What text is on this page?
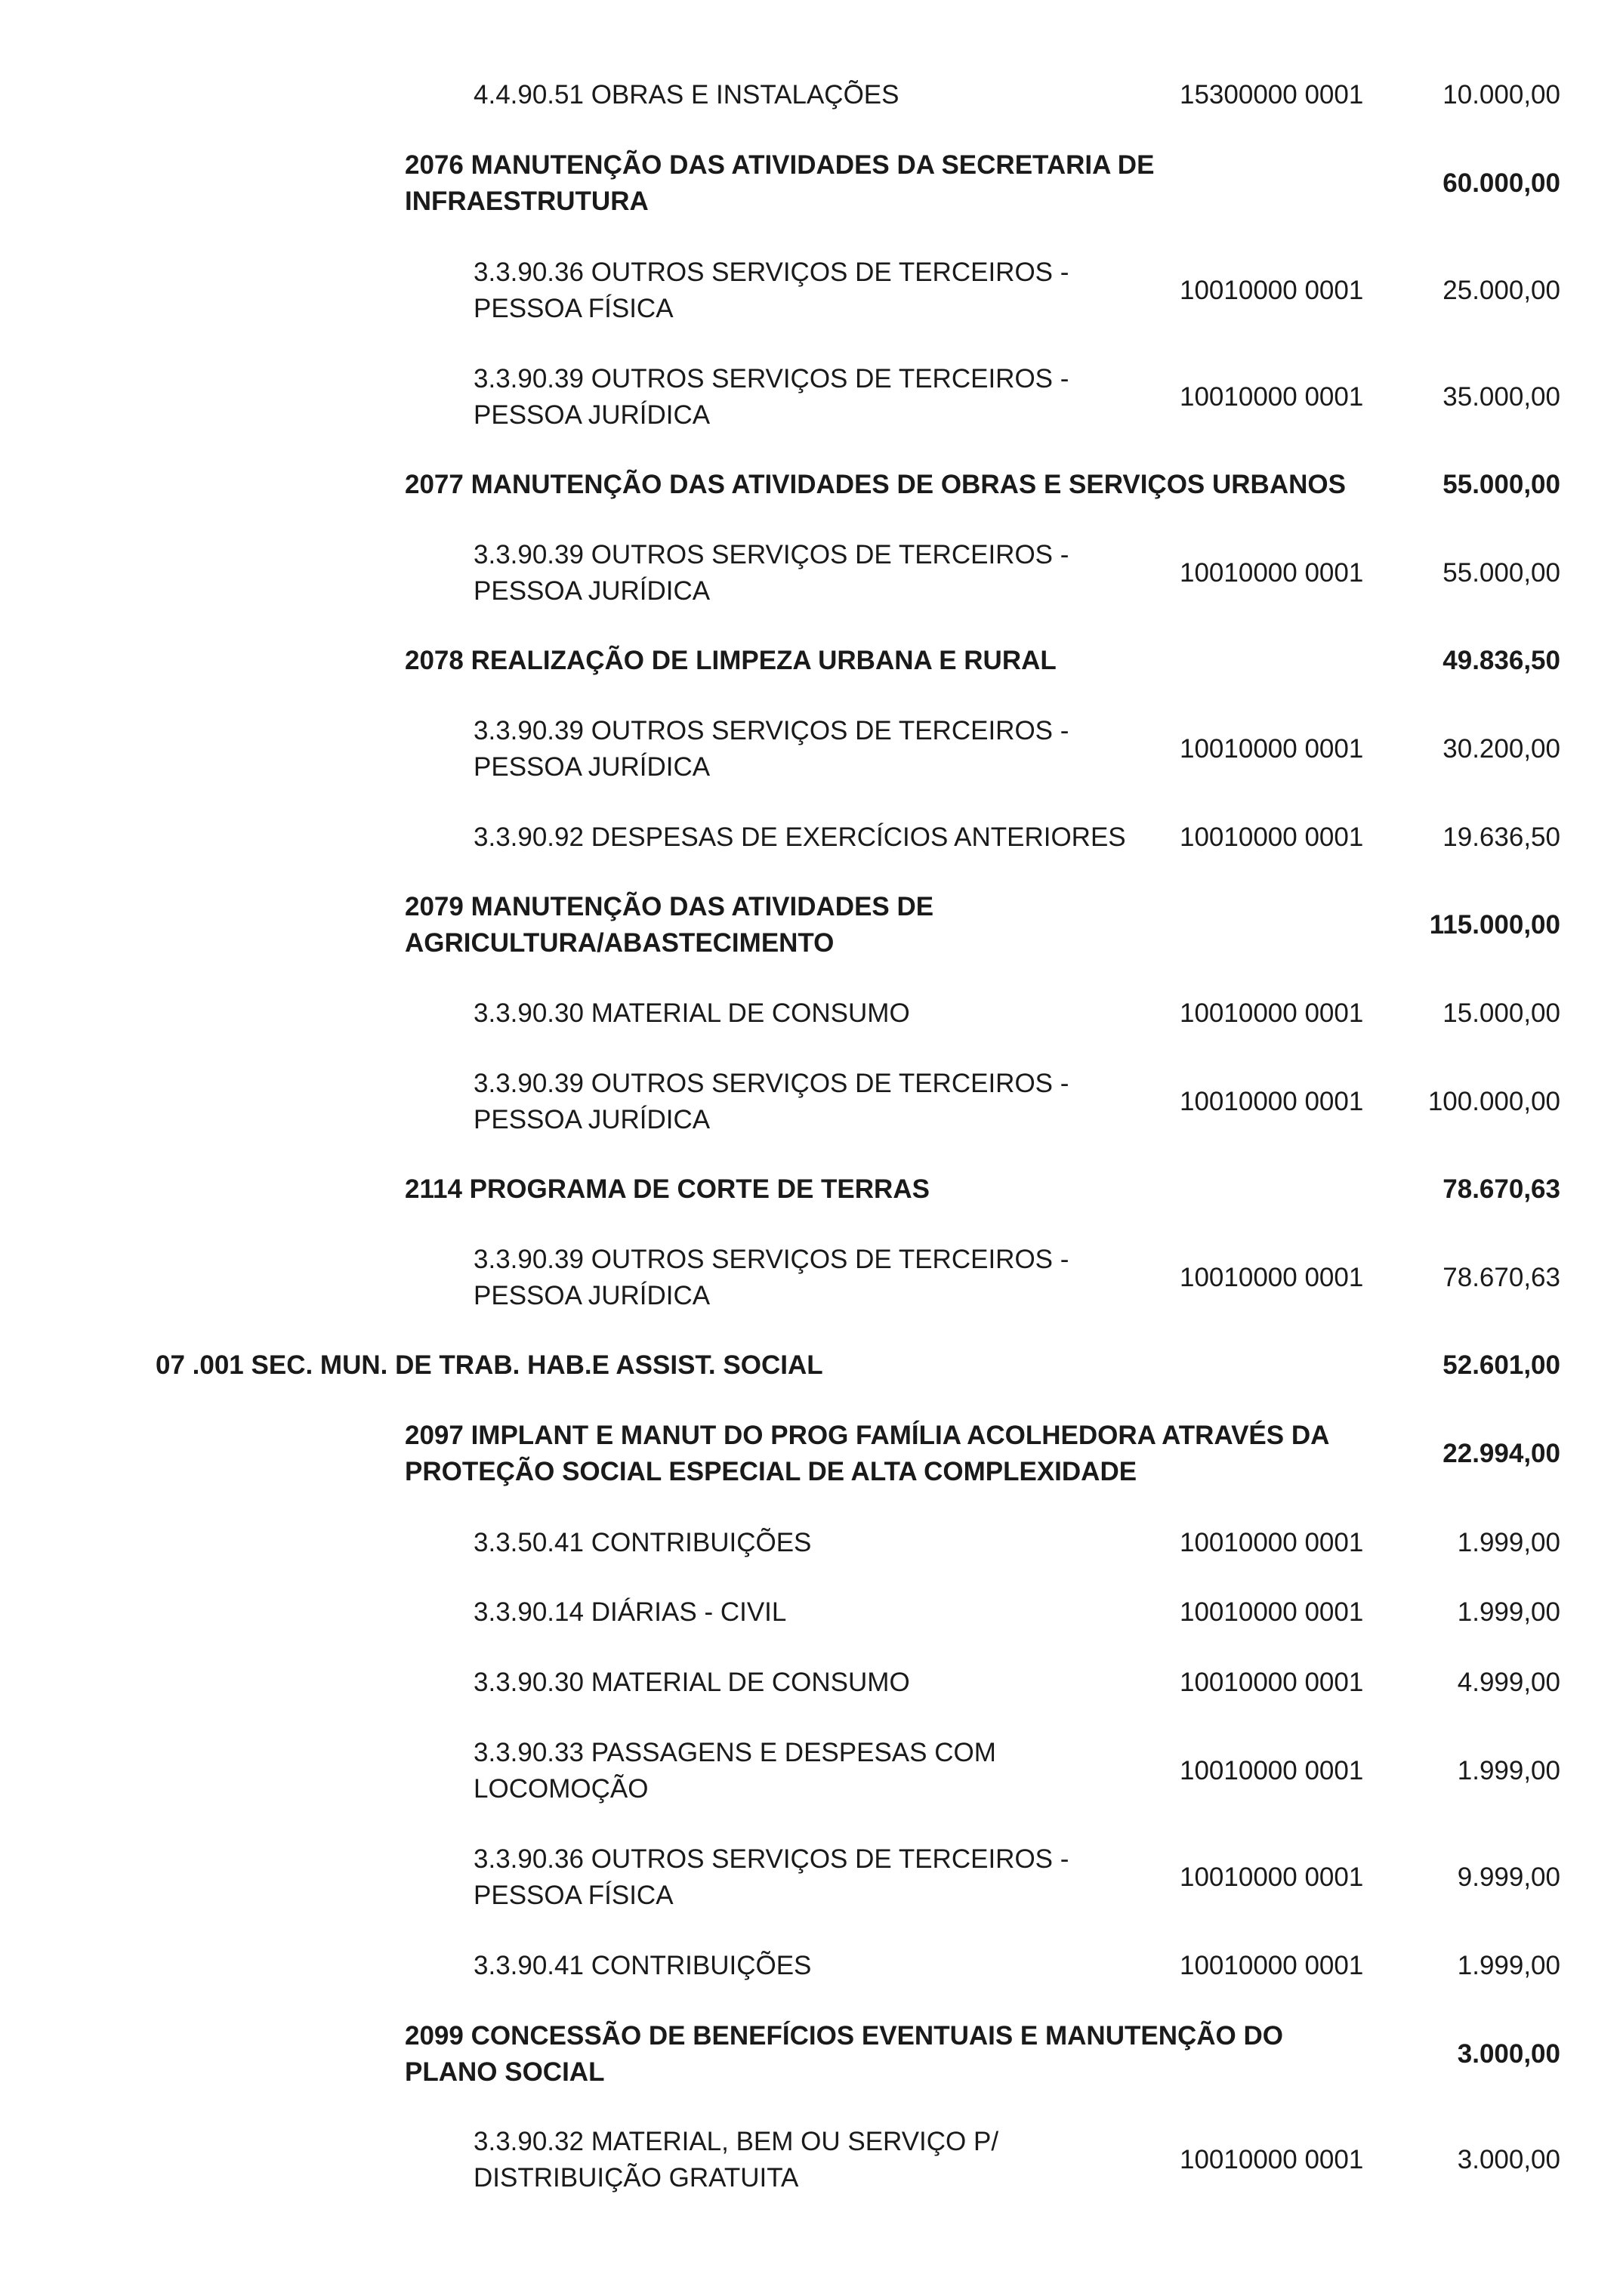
4.4.90.51 OBRAS E INSTALAÇÕES	15300000 0001	10.000,00
2076 MANUTENÇÃO DAS ATIVIDADES DA SECRETARIA DE
INFRAESTRUTURA
60.000,00
3.3.90.36 OUTROS SERVIÇOS DE TERCEIROS -
PESSOA FÍSICA
10010000 0001	25.000,00
3.3.90.39 OUTROS SERVIÇOS DE TERCEIROS -
PESSOA JURÍDICA
10010000 0001	35.000,00
2077 MANUTENÇÃO DAS ATIVIDADES DE OBRAS E SERVIÇOS URBANOS	55.000,00
3.3.90.39 OUTROS SERVIÇOS DE TERCEIROS -
PESSOA JURÍDICA
10010000 0001	55.000,00
2078 REALIZAÇÃO DE LIMPEZA URBANA E RURAL	49.836,50
3.3.90.39 OUTROS SERVIÇOS DE TERCEIROS -
PESSOA JURÍDICA
10010000 0001	30.200,00
3.3.90.92 DESPESAS DE EXERCÍCIOS ANTERIORES 10010000 0001	19.636,50
2079 MANUTENÇÃO DAS ATIVIDADES DE
AGRICULTURA/ABASTECIMENTO
115.000,00
3.3.90.30 MATERIAL DE CONSUMO	10010000 0001	15.000,00
3.3.90.39 OUTROS SERVIÇOS DE TERCEIROS -
PESSOA JURÍDICA
10010000 0001 100.000,00
2114 PROGRAMA DE CORTE DE TERRAS	78.670,63
3.3.90.39 OUTROS SERVIÇOS DE TERCEIROS -
PESSOA JURÍDICA
10010000 0001	78.670,63
07 .001 SEC. MUN. DE TRAB. HAB.E ASSIST. SOCIAL	52.601,00
2097 IMPLANT E MANUT DO PROG FAMÍLIA ACOLHEDORA ATRAVÉS DA
PROTEÇÃO SOCIAL ESPECIAL DE ALTA COMPLEXIDADE
22.994,00
3.3.50.41 CONTRIBUIÇÕES	10010000 0001	1.999,00
3.3.90.14 DIÁRIAS - CIVIL	10010000 0001	1.999,00
3.3.90.30 MATERIAL DE CONSUMO	10010000 0001	4.999,00
3.3.90.33 PASSAGENS E DESPESAS COM
LOCOMOÇÃO
10010000 0001	1.999,00
3.3.90.36 OUTROS SERVIÇOS DE TERCEIROS -
PESSOA FÍSICA
10010000 0001	9.999,00
3.3.90.41 CONTRIBUIÇÕES	10010000 0001	1.999,00
2099 CONCESSÃO DE BENEFÍCIOS EVENTUAIS E MANUTENÇÃO DO
PLANO SOCIAL
3.000,00
3.3.90.32 MATERIAL, BEM OU SERVIÇO P/
DISTRIBUIÇÃO GRATUITA
10010000 0001	3.000,00
